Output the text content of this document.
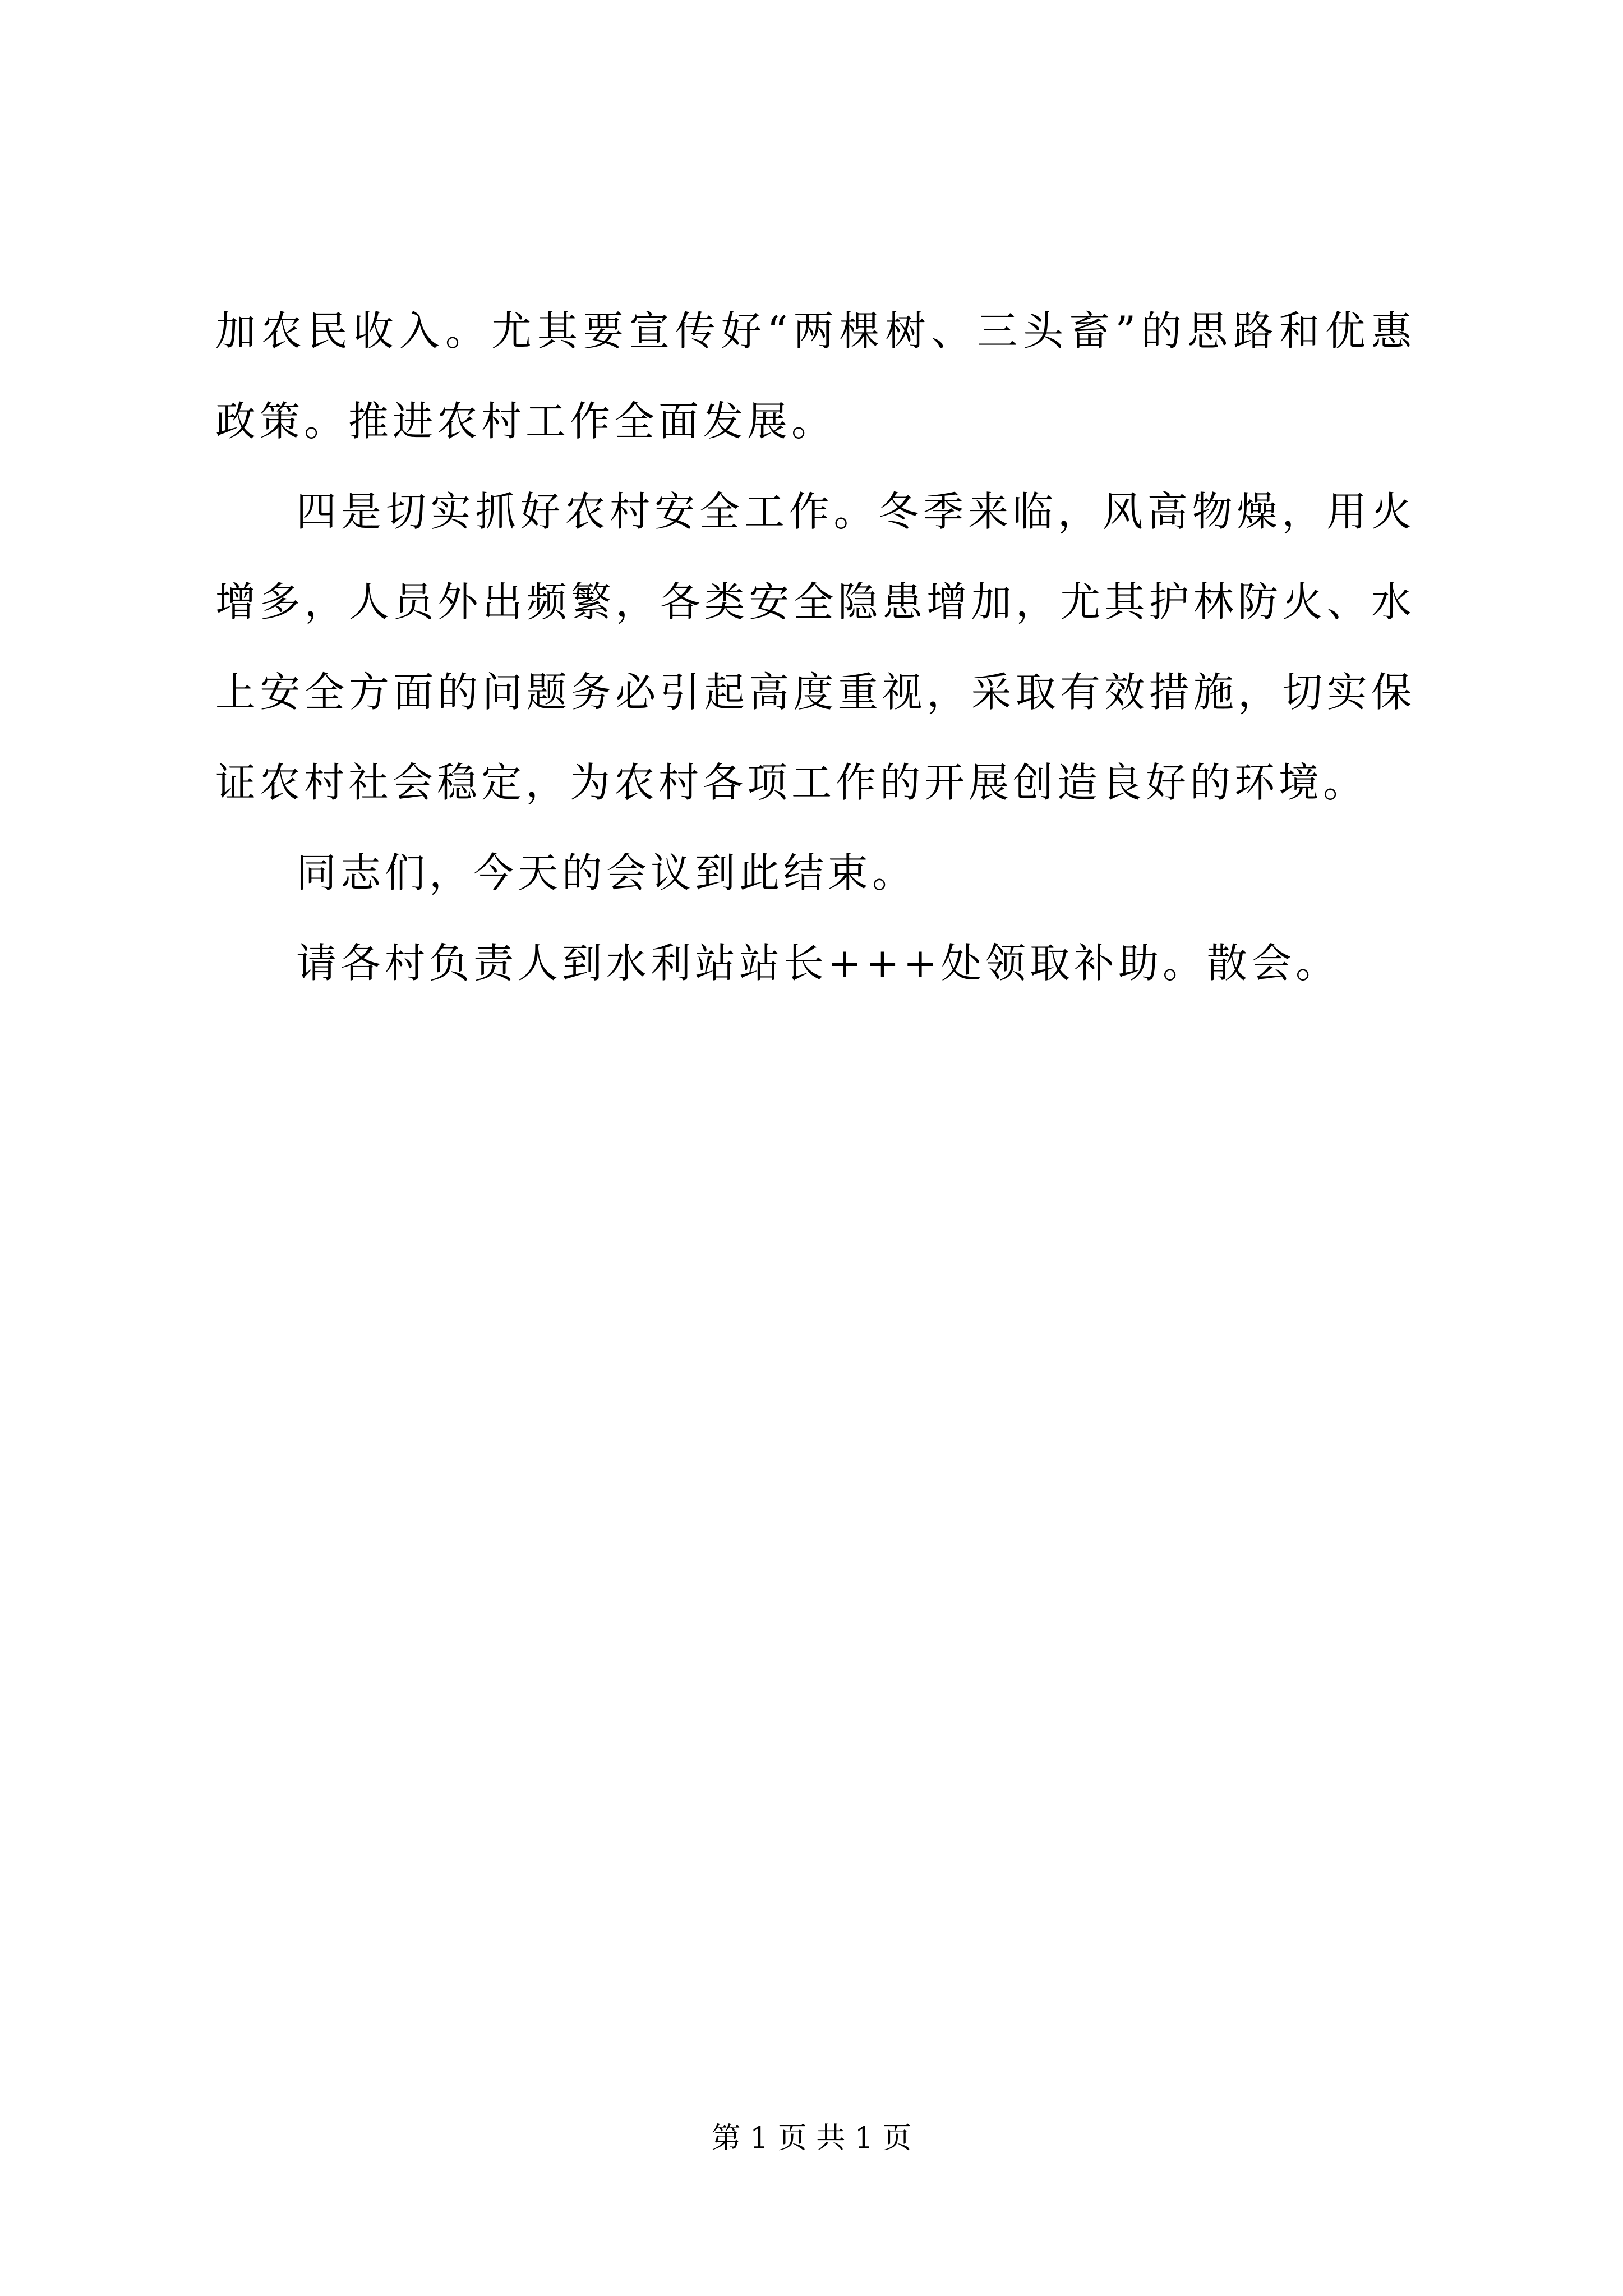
加农民收入。尤其要宣传好“两棵树、三头畜”的思路和优惠政策。推进农村工作全面发展。

四是切实抓好农村安全工作。冬季来临，风高物燥，用火增多，人员外出频繁，各类安全隐患增加，尤其护林防火、水上安全方面的问题务必引起高度重视，采取有效措施，切实保证农村社会稳定，为农村各项工作的开展创造良好的环境。

同志们，今天的会议到此结束。

请各村负责人到水利站站长+++处领取补助。散会。

第 1 页 共 1 页
